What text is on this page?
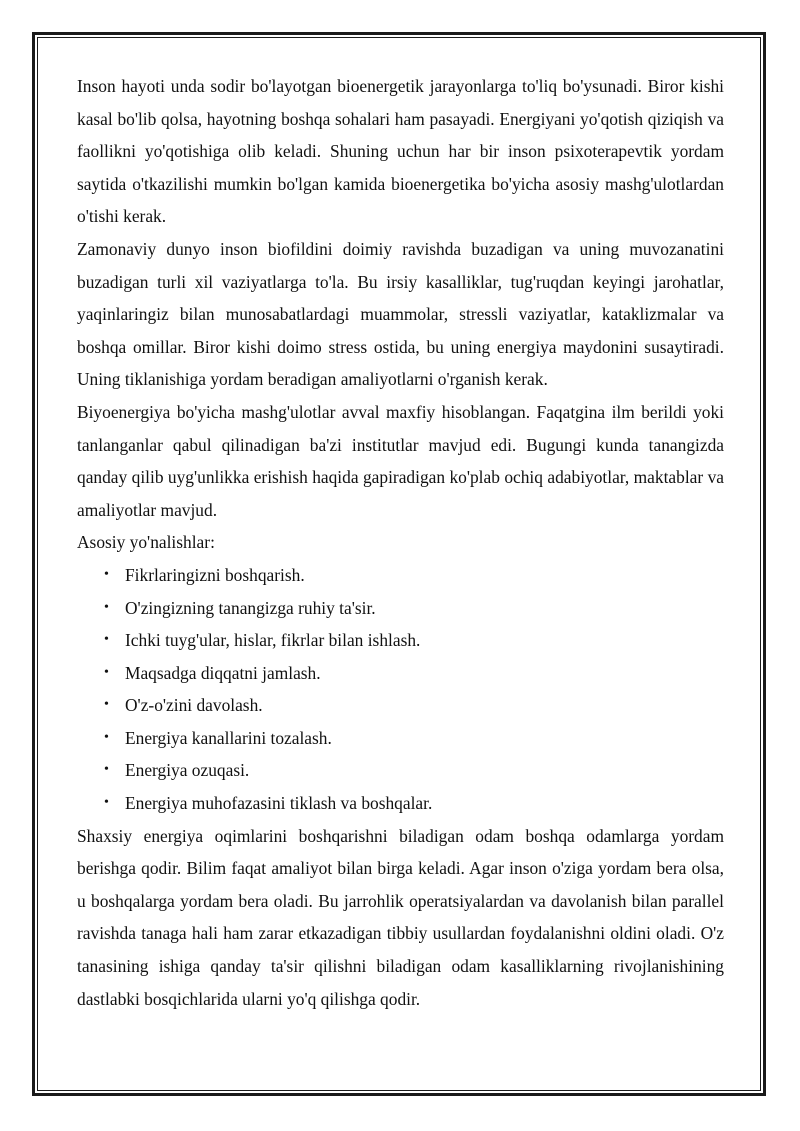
Inson hayoti unda sodir bo'layotgan bioenergetik jarayonlarga to'liq bo'ysunadi. Biror kishi kasal bo'lib qolsa, hayotning boshqa sohalari ham pasayadi. Energiyani yo'qotish qiziqish va faollikni yo'qotishiga olib keladi. Shuning uchun har bir inson psixoterapevtik yordam saytida o'tkazilishi mumkin bo'lgan kamida bioenergetika bo'yicha asosiy mashg'ulotlardan o'tishi kerak.

Zamonaviy dunyo inson biofildini doimiy ravishda buzadigan va uning muvozanatini buzadigan turli xil vaziyatlarga to'la. Bu irsiy kasalliklar, tug'ruqdan keyingi jarohatlar, yaqinlaringiz bilan munosabatlardagi muammolar, stressli vaziyatlar, kataklizmalar va boshqa omillar. Biror kishi doimo stress ostida, bu uning energiya maydonini susaytiradi. Uning tiklanishiga yordam beradigan amaliyotlarni o'rganish kerak.

Biyoenergiya bo'yicha mashg'ulotlar avval maxfiy hisoblangan. Faqatgina ilm berildi yoki tanlanganlar qabul qilinadigan ba'zi institutlar mavjud edi. Bugungi kunda tanangizda qanday qilib uyg'unlikka erishish haqida gapiradigan ko'plab ochiq adabiyotlar, maktablar va amaliyotlar mavjud.

Asosiy yo'nalishlar:

• Fikrlaringizni boshqarish.
• O'zingizning tanangizga ruhiy ta'sir.
• Ichki tuyg'ular, hislar, fikrlar bilan ishlash.
• Maqsadga diqqatni jamlash.
• O'z-o'zini davolash.
• Energiya kanallarini tozalash.
• Energiya ozuqasi.
• Energiya muhofazasini tiklash va boshqalar.

Shaxsiy energiya oqimlarini boshqarishni biladigan odam boshqa odamlarga yordam berishga qodir. Bilim faqat amaliyot bilan birga keladi. Agar inson o'ziga yordam bera olsa, u boshqalarga yordam bera oladi. Bu jarrohlik operatsiyalardan va davolanish bilan parallel ravishda tanaga hali ham zarar etkazadigan tibbiy usullardan foydalanishni oldini oladi. O'z tanasining ishiga qanday ta'sir qilishni biladigan odam kasalliklarning rivojlanishining dastlabki bosqichlarida ularni yo'q qilishga qodir.
